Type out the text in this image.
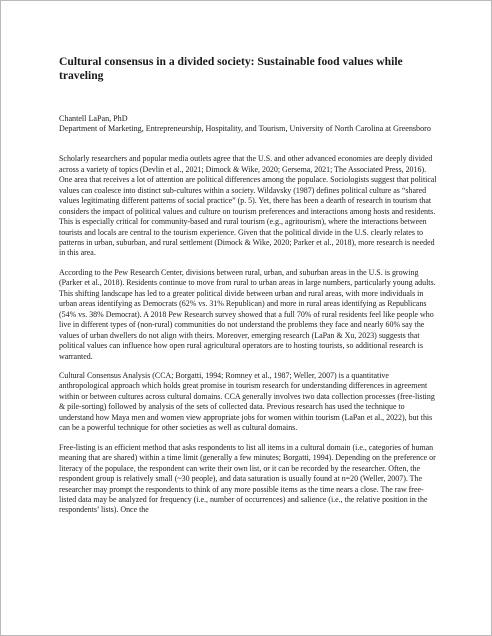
Cultural consensus in a divided society: Sustainable food values while traveling
Chantell LaPan, PhD
Department of Marketing, Entrepreneurship, Hospitality, and Tourism, University of North Carolina at Greensboro

Scholarly researchers and popular media outlets agree that the U.S. and other advanced economies are deeply divided across a variety of topics (Devlin et al., 2021; Dimock & Wike, 2020; Gersema, 2021; The Associated Press, 2016). One area that receives a lot of attention are political differences among the populace. Sociologists suggest that political values can coalesce into distinct sub-cultures within a society. Wildavsky (1987) defines political culture as “shared values legitimating different patterns of social practice” (p. 5). Yet, there has been a dearth of research in tourism that considers the impact of political values and culture on tourism preferences and interactions among hosts and residents. This is especially critical for community-based and rural tourism (e.g., agritourism), where the interactions between tourists and locals are central to the tourism experience. Given that the political divide in the U.S. clearly relates to patterns in urban, suburban, and rural settlement (Dimock & Wike, 2020; Parker et al., 2018), more research is needed in this area.

According to the Pew Research Center, divisions between rural, urban, and suburban areas in the U.S. is growing (Parker et al., 2018). Residents continue to move from rural to urban areas in large numbers, particularly young adults. This shifting landscape has led to a greater political divide between urban and rural areas, with more individuals in urban areas identifying as Democrats (62% vs. 31% Republican) and more in rural areas identifying as Republicans (54% vs. 38% Democrat). A 2018 Pew Research survey showed that a full 70% of rural residents feel like people who live in different types of (non-rural) communities do not understand the problems they face and nearly 60% say the values of urban dwellers do not align with theirs. Moreover, emerging research (LaPan & Xu, 2023) suggests that political values can influence how open rural agricultural operators are to hosting tourists, so additional research is warranted.

Cultural Consensus Analysis (CCA; Borgatti, 1994; Romney et al., 1987; Weller, 2007) is a quantitative anthropological approach which holds great promise in tourism research for understanding differences in agreement within or between cultures across cultural domains. CCA generally involves two data collection processes (free-listing & pile-sorting) followed by analysis of the sets of collected data. Previous research has used the technique to understand how Maya men and women view appropriate jobs for women within tourism (LaPan et al., 2022), but this can be a powerful technique for other societies as well as cultural domains.

Free-listing is an efficient method that asks respondents to list all items in a cultural domain (i.e., categories of human meaning that are shared) within a time limit (generally a few minutes; Borgatti, 1994). Depending on the preference or literacy of the populace, the respondent can write their own list, or it can be recorded by the researcher. Often, the respondent group is relatively small (~30 people), and data saturation is usually found at n=20 (Weller, 2007). The researcher may prompt the respondents to think of any more possible items as the time nears a close. The raw free-listed data may be analyzed for frequency (i.e., number of occurrences) and salience (i.e., the relative position in the respondents’ lists). Once the
